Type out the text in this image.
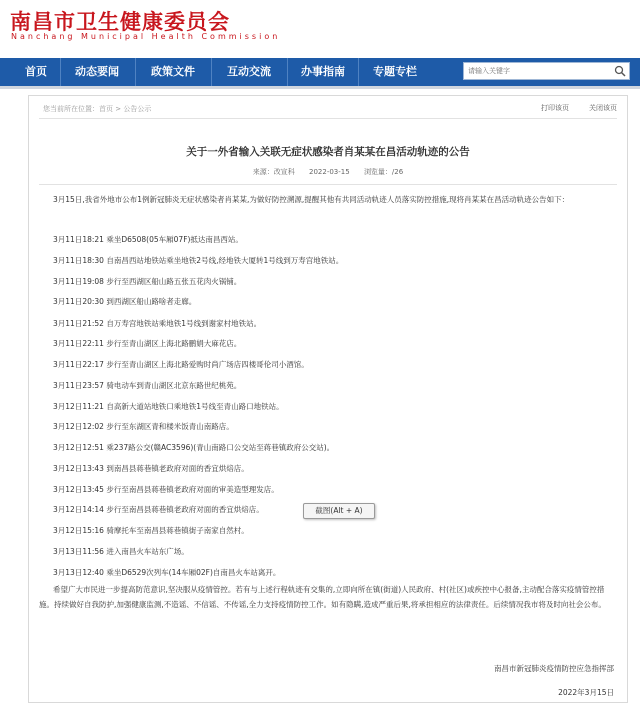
南昌市卫生健康委员会
Nanchang Municipal Health Commission
首页	动态要闻	政策文件	互动交流	办事指南	专题专栏
请输入关键字
您当前所在位置：首页 > 公告公示	打印该页	关闭该页
关于一外省输入关联无症状感染者肖某某在昌活动轨迹的公告
来源：改宣科 2022-03-15 浏览量：/26
3月15日,我省外地市公布1例新冠肺炎无症状感染者肖某某,为做好防控溯源,提醒其他有共同活动轨迹人员落实防控措施,现将肖某某在昌活动轨迹公告如下：
3月11日18:21 乘坐D6508(05车厢07F)抵达南昌西站。
3月11日18:30 自南昌西站地铁站乘坐地铁2号线,经地铁大厦转1号线到万寿宫地铁站。
3月11日19:08 步行至西湖区船山路五张五花肉火锅铺。
3月11日20:30 到西湖区船山路啥者走廊。
3月11日21:52 自万寿宫地铁站乘地铁1号线到谢家村地铁站。
3月11日22:11 步行至青山湖区上海北路鹏娟大麻花店。
3月11日22:17 步行至青山湖区上海北路爱购时尚广场店四楼哥伦司小酒馆。
3月11日23:57 骑电动车到青山湖区北京东路世纪桃苑。
3月12日11:21 自高新大道站地铁口乘地铁1号线至青山路口地铁站。
3月12日12:02 步行至东湖区青和楼米饭青山南路店。
3月12日12:51 乘237路公交(赣AC3596)(青山南路口公交站至蒋巷镇政府公交站)。
3月12日13:43 到南昌县蒋巷镇老政府对面的香宜烘焙店。
3月12日13:45 步行至南昌县蒋巷镇老政府对面的审美造型理发店。
3月12日14:14 步行至南昌县蒋巷镇老政府对面的香宜烘焙店。
3月12日15:16 骑摩托车至南昌县蒋巷镇街子南家自然村。
3月13日11:56 进入南昌火车站东广场。
3月13日12:40 乘坐D6529次列车(14车厢02F)自南昌火车站离开。
希望广大市民进一步提高防范意识,坚决服从疫情管控。若有与上述行程轨迹有交集的,立即向所在镇(街道)人民政府、村(社区)或疾控中心报备,主动配合落实疫情管控措施。持续做好自我防护,加强健康监测,不造谣、不信谣、不传谣,全力支持疫情防控工作。如有隐瞒,造成严重后果,将承担相应的法律责任。后续情况我市将及时向社会公布。
南昌市新冠肺炎疫情防控应急指挥部
2022年3月15日
截图(Alt + A)
